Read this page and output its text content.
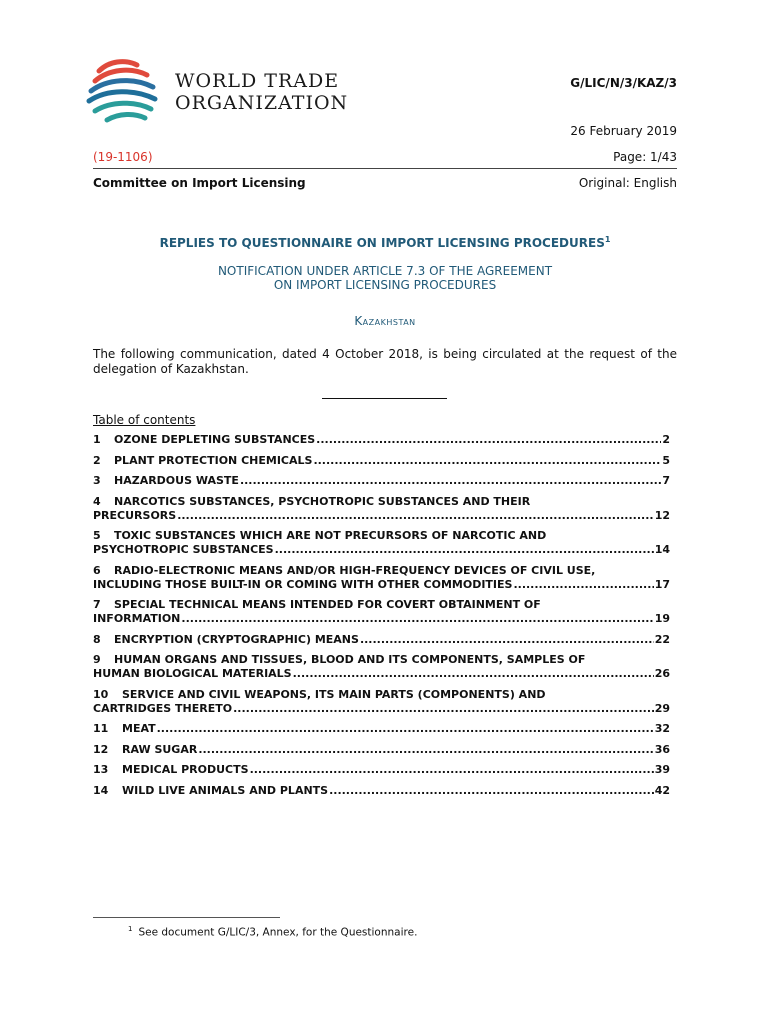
WORLD TRADE
ORGANIZATION
G/LIC/N/3/KAZ/3
26 February 2019
(19-1106)	Page: 1/43
Committee on Import Licensing	Original: English
REPLIES TO QUESTIONNAIRE ON IMPORT LICENSING PROCEDURES$^1$
NOTIFICATION UNDER ARTICLE 7.3 OF THE AGREEMENT
ON IMPORT LICENSING PROCEDURES
Kazakhstan
The following communication, dated 4 October 2018, is being circulated at the request of the delegation of Kazakhstan.
Table of contents
1	OZONE DEPLETING SUBSTANCES .....	2
2	PLANT PROTECTION CHEMICALS .....	5
3	HAZARDOUS WASTE .....	7
4	NARCOTICS SUBSTANCES, PSYCHOTROPIC SUBSTANCES AND THEIR
PRECURSORS .....	12
5	TOXIC SUBSTANCES WHICH ARE NOT PRECURSORS OF NARCOTIC AND
PSYCHOTROPIC SUBSTANCES .....	14
6	RADIO-ELECTRONIC MEANS AND/OR HIGH-FREQUENCY DEVICES OF CIVIL USE,
INCLUDING THOSE BUILT-IN OR COMING WITH OTHER COMMODITIES .....	17
7	SPECIAL TECHNICAL MEANS INTENDED FOR COVERT OBTAINMENT OF
INFORMATION .....	19
8	ENCRYPTION (CRYPTOGRAPHIC) MEANS .....	22
9	HUMAN ORGANS AND TISSUES, BLOOD AND ITS COMPONENTS, SAMPLES OF
HUMAN BIOLOGICAL MATERIALS .....	26
10	SERVICE AND CIVIL WEAPONS, ITS MAIN PARTS (COMPONENTS) AND
CARTRIDGES THERETO .....	29
11	MEAT .....	32
12	RAW SUGAR .....	36
13	MEDICAL PRODUCTS .....	39
14	WILD LIVE ANIMALS AND PLANTS .....	42
$^1$ See document G/LIC/3, Annex, for the Questionnaire.
